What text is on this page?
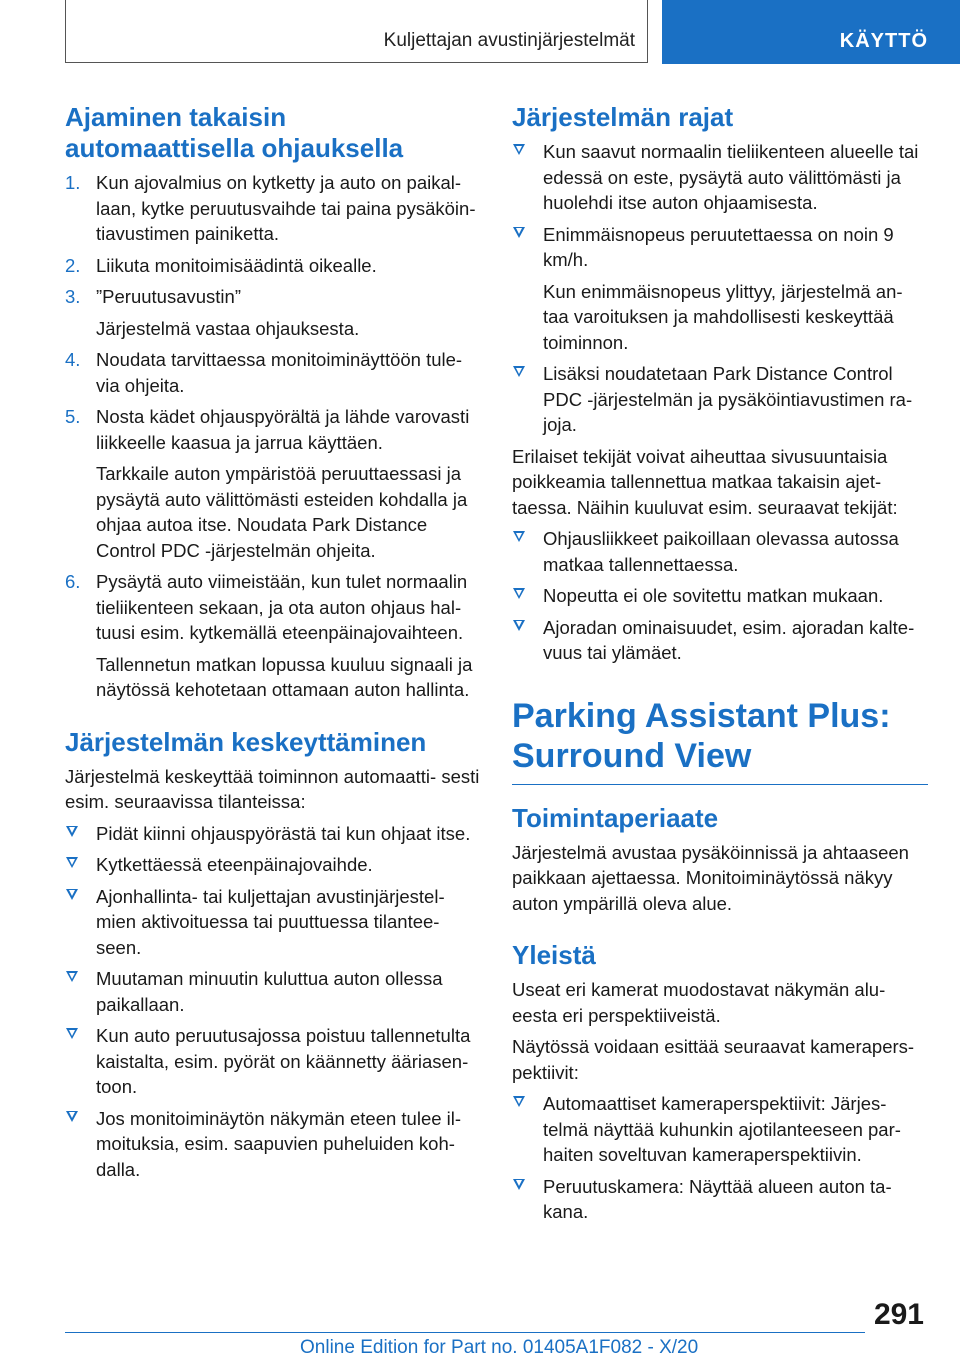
Kuljettajan avustinjärjestelmät	KÄYTTÖ
Ajaminen takaisin
automaattisella ohjauksella
1. Kun ajovalmius on kytketty ja auto on paikal- laan, kytke peruutusvaihde tai paina pysäköin- tiavustimen painiketta.
2. Liikuta monitoimisäädintä oikealle.
3. ”Peruutusavustin”

Järjestelmä vastaa ohjauksesta.

4. Noudata tarvittaessa monitoiminäyttöön tule- via ohjeita.
5. Nosta kädet ohjauspyörältä ja lähde varovasti liikkeelle kaasua ja jarrua käyttäen.

Tarkkaile auton ympäristöä peruuttaessasi ja pysäytä auto välittömästi esteiden kohdalla ja ohjaa autoa itse. Noudata Park Distance Control PDC -järjestelmän ohjeita.

6. Pysäytä auto viimeistään, kun tulet normaalin tieliikenteen sekaan, ja ota auton ohjaus hal- tuusi esim. kytkemällä eteenpäinajovaihteen.

Tallennetun matkan lopussa kuuluu signaali ja näytössä kehotetaan ottamaan auton hallinta.

Järjestelmän keskeyttäminen

Järjestelmä keskeyttää toiminnon automaatti- sesti esim. seuraavissa tilanteissa:

Pidät kiinni ohjauspyörästä tai kun ohjaat itse.
Kytkettäessä eteenpäinajovaihde.
Ajonhallinta- tai kuljettajan avustinjärjestel- mien aktivoituessa tai puuttuessa tilantee- seen.
Muutaman minuutin kuluttua auton ollessa paikallaan.
Kun auto peruutusajossa poistuu tallennetulta kaistalta, esim. pyörät on käännetty ääriasen- toon.
Jos monitoiminäytön näkymän eteen tulee il- moituksia, esim. saapuvien puheluiden koh- dalla.
Järjestelmän rajat
Kun saavut normaalin tieliikenteen alueelle tai edessä on este, pysäytä auto välittömästi ja huolehdi itse auton ohjaamisesta.
Enimmäisnopeus peruutettaessa on noin 9 km/h.

Kun enimmäisnopeus ylittyy, järjestelmä an- taa varoituksen ja mahdollisesti keskeyttää toiminnon.

Lisäksi noudatetaan Park Distance Control PDC -järjestelmän ja pysäköintiavustimen ra- joja.

Erilaiset tekijät voivat aiheuttaa sivusuuntaisia poikkeamia tallennettua matkaa takaisin ajet- taessa. Näihin kuuluvat esim. seuraavat tekijät:

Ohjausliikkeet paikoillaan olevassa autossa matkaa tallennettaessa.
Nopeutta ei ole sovitettu matkan mukaan.
Ajoradan ominaisuudet, esim. ajoradan kalte- vuus tai ylämäet.
Parking Assistant Plus:
Surround View
Toimintaperiaate

Järjestelmä avustaa pysäköinnissä ja ahtaaseen paikkaan ajettaessa. Monitoiminäytössä näkyy auton ympärillä oleva alue.

Yleistä

Useat eri kamerat muodostavat näkymän alu- eesta eri perspektiiveistä.

Näytössä voidaan esittää seuraavat kamerapers- pektiivit:

Automaattiset kameraperspektiivit: Järjes- telmä näyttää kuhunkin ajotilanteeseen par- haiten soveltuvan kameraperspektiivin.
Peruutuskamera: Näyttää alueen auton ta- kana.
291
Online Edition for Part no. 01405A1F082 - X/20
